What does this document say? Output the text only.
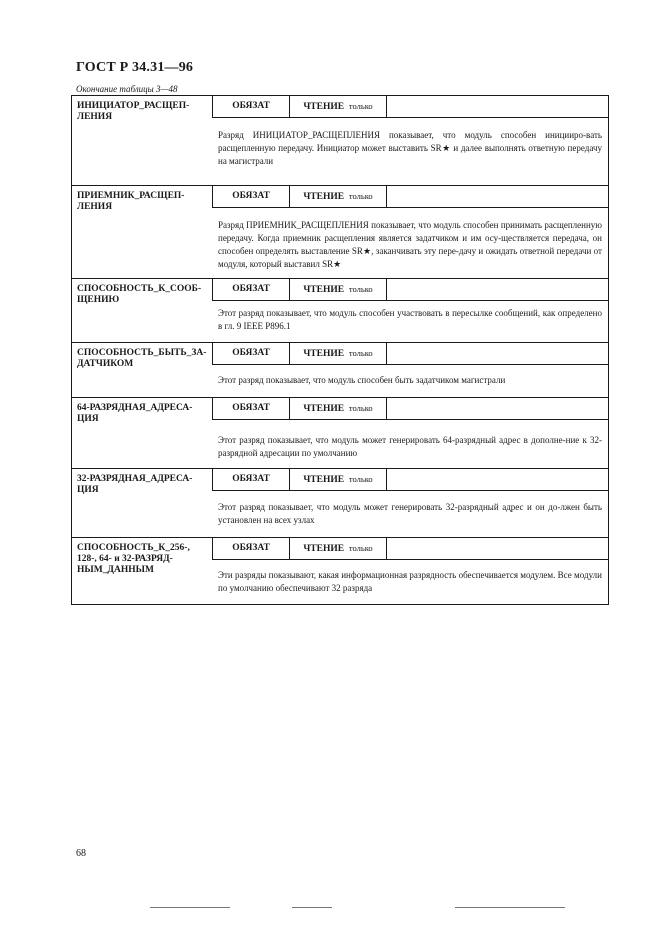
ГОСТ Р 34.31—96
Окончание таблицы 3—48
ИНИЦИАТОР_РАСЩЕП-
ЛЕНИЯ
ОБЯЗАТ	ЧТЕНИЕ только
Разряд ИНИЦИАТОР_РАСЩЕПЛЕНИЯ показывает, что модуль способен иницииро-вать расщепленную передачу. Инициатор может выставить SR★ и далее выполнять ответную передачу на магистрали
ПРИЕМНИК_РАСЩЕП-
ЛЕНИЯ
ОБЯЗАТ	ЧТЕНИЕ только
Разряд ПРИЕМНИК_РАСЩЕПЛЕНИЯ показывает, что модуль способен принимать расщепленную передачу. Когда приемник расщепления является задатчиком и им осу-ществляется передача, он способен определять выставление SR★, заканчивать эту пере-дачу и ожидать ответной передачи от модуля, который выставил SR★
СПОСОБНОСТЬ_К_СООБ-
ЩЕНИЮ
ОБЯЗАТ	ЧТЕНИЕ только
Этот разряд показывает, что модуль способен участвовать в пересылке сообщений, как определено в гл. 9 IEEE P896.1
СПОСОБНОСТЬ_БЫТЬ_ЗА-
ДАТЧИКОМ
ОБЯЗАТ	ЧТЕНИЕ только
Этот разряд показывает, что модуль способен быть задатчиком магистрали
64-РАЗРЯДНАЯ_АДРЕСА-
ЦИЯ
ОБЯЗАТ	ЧТЕНИЕ только
Этот разряд показывает, что модуль может генерировать 64-разрядный адрес в дополне-ние к 32-разрядной адресации по умолчанию
32-РАЗРЯДНАЯ_АДРЕСА-
ЦИЯ
ОБЯЗАТ	ЧТЕНИЕ только
Этот разряд показывает, что модуль может генерировать 32-разрядный адрес и он до-лжен быть установлен на всех узлах
СПОСОБНОСТЬ_К_256-,
128-, 64- и 32-РАЗРЯД-
НЫМ_ДАННЫМ
ОБЯЗАТ	ЧТЕНИЕ только
Эти разряды показывают, какая информационная разрядность обеспечивается модулем. Все модули по умолчанию обеспечивают 32 разряда
68
